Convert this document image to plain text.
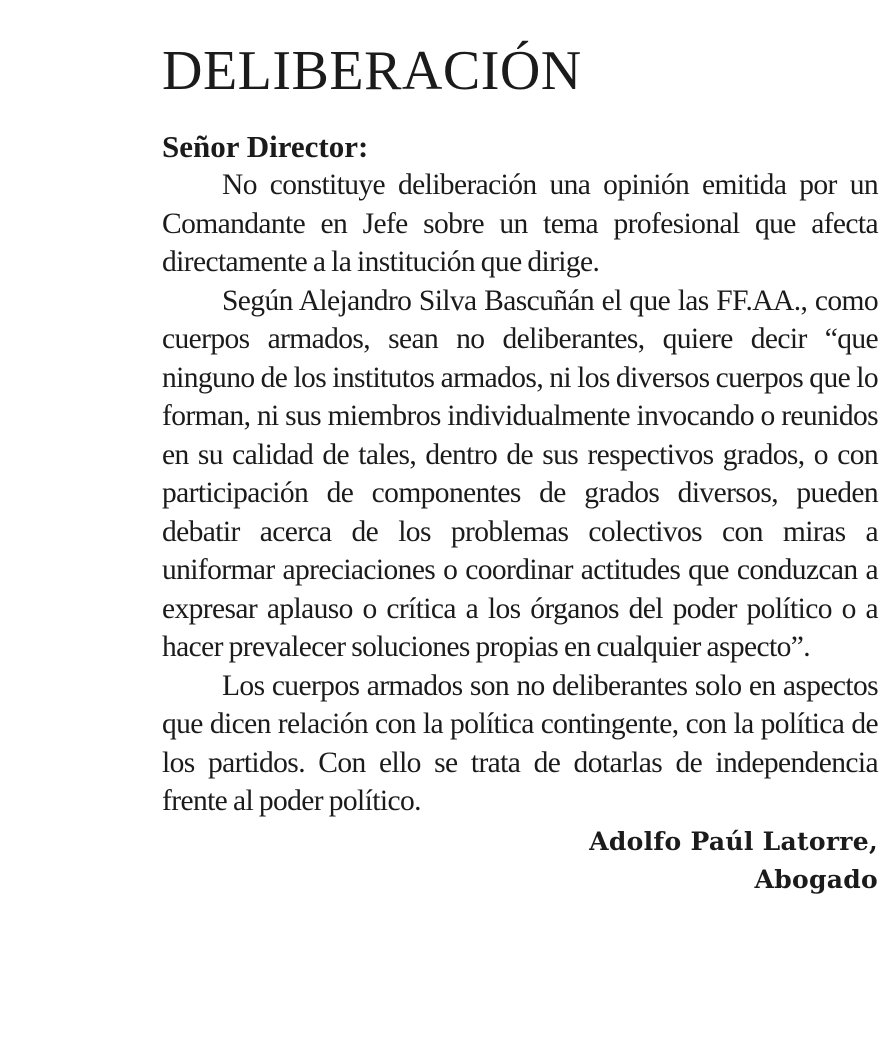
DELIBERACIÓN
Señor Director:

No constituye deliberación una opinión emitida por un Comandante en Jefe sobre un tema profesional que afecta directamente a la institución que dirige.

Según Alejandro Silva Bascuñán el que las FF.AA., como cuerpos armados, sean no deliberantes, quiere decir “que ninguno de los institutos armados, ni los diversos cuerpos que lo forman, ni sus miembros individualmente invocando o reunidos en su calidad de tales, dentro de sus respectivos grados, o con participación de componentes de grados diversos, pueden debatir acerca de los problemas colectivos con miras a uniformar apreciaciones o coordinar actitudes que conduzcan a expresar aplauso o crítica a los órganos del poder político o a hacer prevalecer soluciones propias en cualquier aspecto”.

Los cuerpos armados son no deliberantes solo en aspectos que dicen relación con la política contingente, con la política de los partidos. Con ello se trata de dotarlas de independencia frente al poder político.

Adolfo Paúl Latorre,
Abogado
